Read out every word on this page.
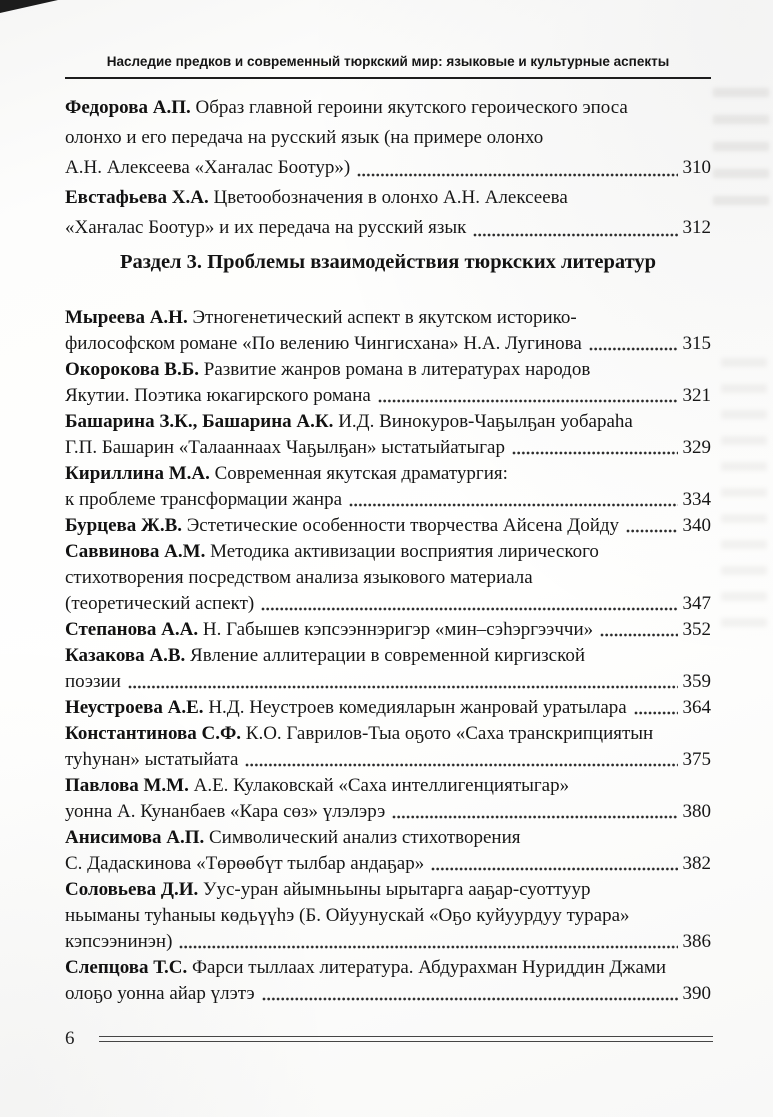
Наследие предков и современный тюркский мир: языковые и культурные аспекты
Федорова А.П. Образ главной героини якутского героического эпоса
олонхо и его передача на русский язык (на примере олонхо
А.Н. Алексеева «Хаҥалас Боотур»)	310
Евстафьева Х.А. Цветообозначения в олонхо А.Н. Алексеева
«Хаҥалас Боотур» и их передача на русский язык	312
Раздел 3. Проблемы взаимодействия тюркских литератур
Мыреева А.Н. Этногенетический аспект в якутском историко-
философском романе «По велению Чингисхана» Н.А. Лугинова	315
Окорокова В.Б. Развитие жанров романа в литературах народов
Якутии. Поэтика юкагирского романа	321
Башарина З.К., Башарина А.К. И.Д. Винокуров-Чаҕылҕан уобараһа
Г.П. Башарин «Талааннаах Чаҕылҕан» ыстатыйатыгар	329
Кириллина М.А. Современная якутская драматургия:
к проблеме трансформации жанра	334
Бурцева Ж.В. Эстетические особенности творчества Айсена Дойду	340
Саввинова А.М. Методика активизации восприятия лирического
стихотворения посредством анализа языкового материала
(теоретический аспект)	347
Степанова А.А. Н. Габышев кэпсээннэригэр «мин–сэһэргээччи»	352
Казакова А.В. Явление аллитерации в современной киргизской
поэзии	359
Неустроева А.Е. Н.Д. Неустроев комедияларын жанровай уратылара	364
Константинова С.Ф. К.О. Гаврилов-Тыа оҕото «Саха транскрипциятын
туһунан» ыстатыйата	375
Павлова М.М. А.Е. Кулаковскай «Саха интеллигенциятыгар»
уонна А. Кунанбаев «Кара сөз» үлэлэрэ	380
Анисимова А.П. Символический анализ стихотворения
С. Дадаскинова «Төрөөбүт тылбар андаҕар»	382
Соловьева Д.И. Уус-уран айымньыны ырытарга ааҕар-суоттуур
ньыманы туһаныы көдьүүһэ (Б. Ойуунускай «Оҕо куйуурдуу турара»
кэпсээнинэн)	386
Слепцова Т.С. Фарси тыллаах литература. Абдурахман Нуриддин Джами
олоҕо уонна айар үлэтэ	390
6
